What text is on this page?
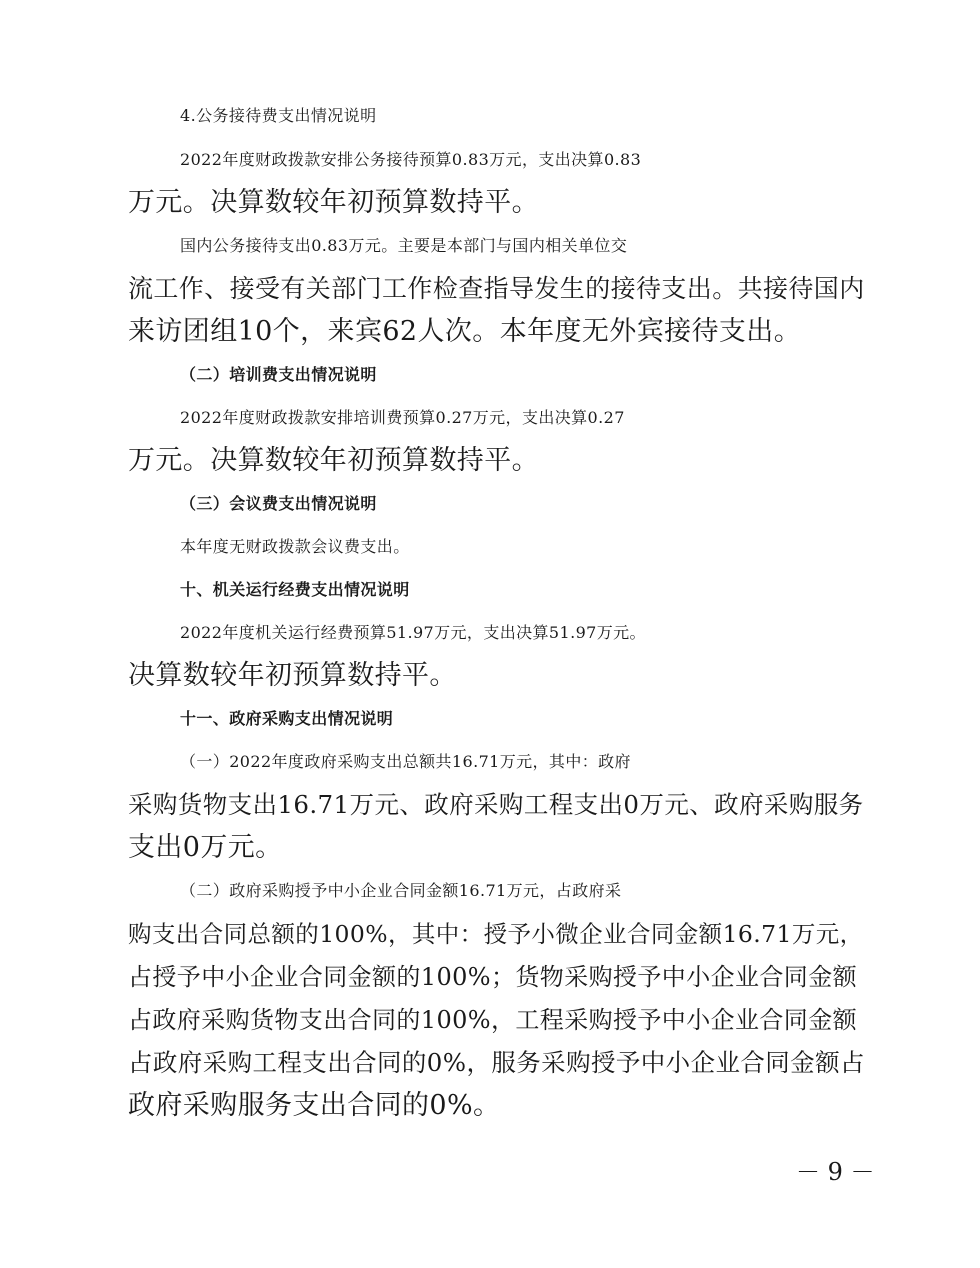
4.公务接待费支出情况说明
2022年度财政拨款安排公务接待预算0.83万元，支出决算0.83
万元。决算数较年初预算数持平。
国内公务接待支出0.83万元。主要是本部门与国内相关单位交
流工作、接受有关部门工作检查指导发生的接待支出。共接待国内
来访团组10个，来宾62人次。本年度无外宾接待支出。
（二）培训费支出情况说明
2022年度财政拨款安排培训费预算0.27万元，支出决算0.27
万元。决算数较年初预算数持平。
（三）会议费支出情况说明
本年度无财政拨款会议费支出。
十、机关运行经费支出情况说明
2022年度机关运行经费预算51.97万元，支出决算51.97万元。
决算数较年初预算数持平。
十一、政府采购支出情况说明
（一）2022年度政府采购支出总额共16.71万元，其中：政府
采购货物支出16.71万元、政府采购工程支出0万元、政府采购服务
支出0万元。
（二）政府采购授予中小企业合同金额16.71万元，占政府采
购支出合同总额的100%，其中：授予小微企业合同金额16.71万元，
占授予中小企业合同金额的100%；货物采购授予中小企业合同金额
占政府采购货物支出合同的100%，工程采购授予中小企业合同金额
占政府采购工程支出合同的0%，服务采购授予中小企业合同金额占
政府采购服务支出合同的0%。
－ 9 －
